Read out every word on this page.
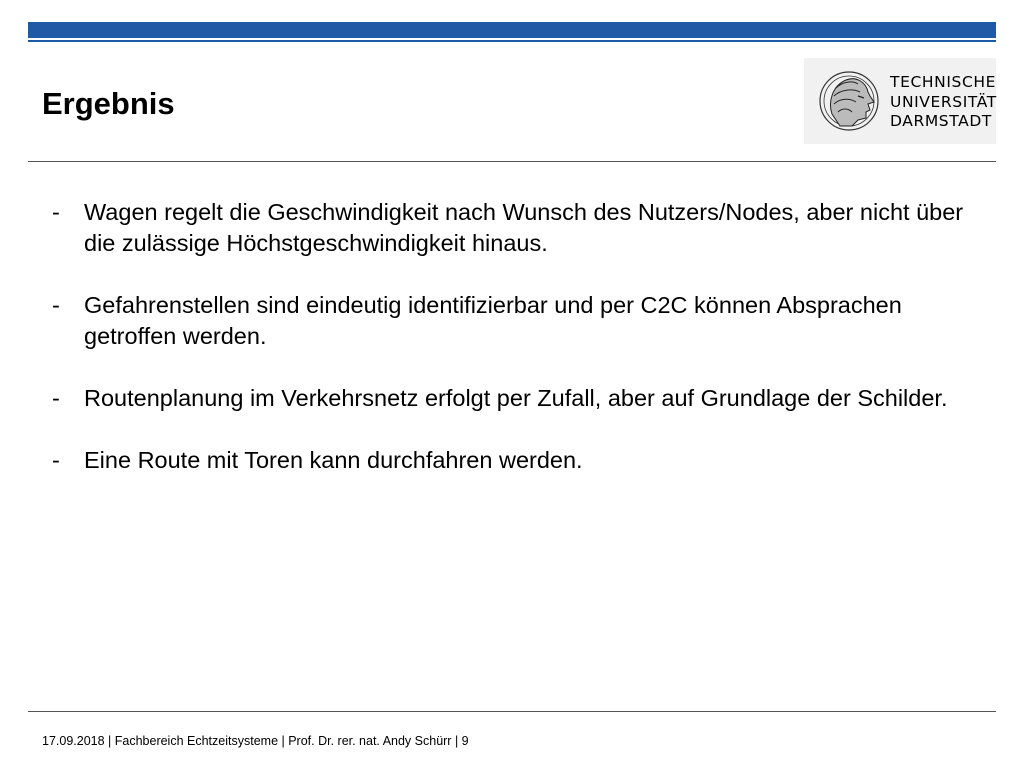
Ergebnis
TECHNISCHE
UNIVERSITÄT
DARMSTADT
- Wagen regelt die Geschwindigkeit nach Wunsch des Nutzers/Nodes, aber nicht über die zulässige Höchstgeschwindigkeit hinaus.
- Gefahrenstellen sind eindeutig identifizierbar und per C2C können Absprachen getroffen werden.
- Routenplanung im Verkehrsnetz erfolgt per Zufall, aber auf Grundlage der Schilder.
- Eine Route mit Toren kann durchfahren werden.
17.09.2018 | Fachbereich Echtzeitsysteme | Prof. Dr. rer. nat. Andy Schürr | 9
